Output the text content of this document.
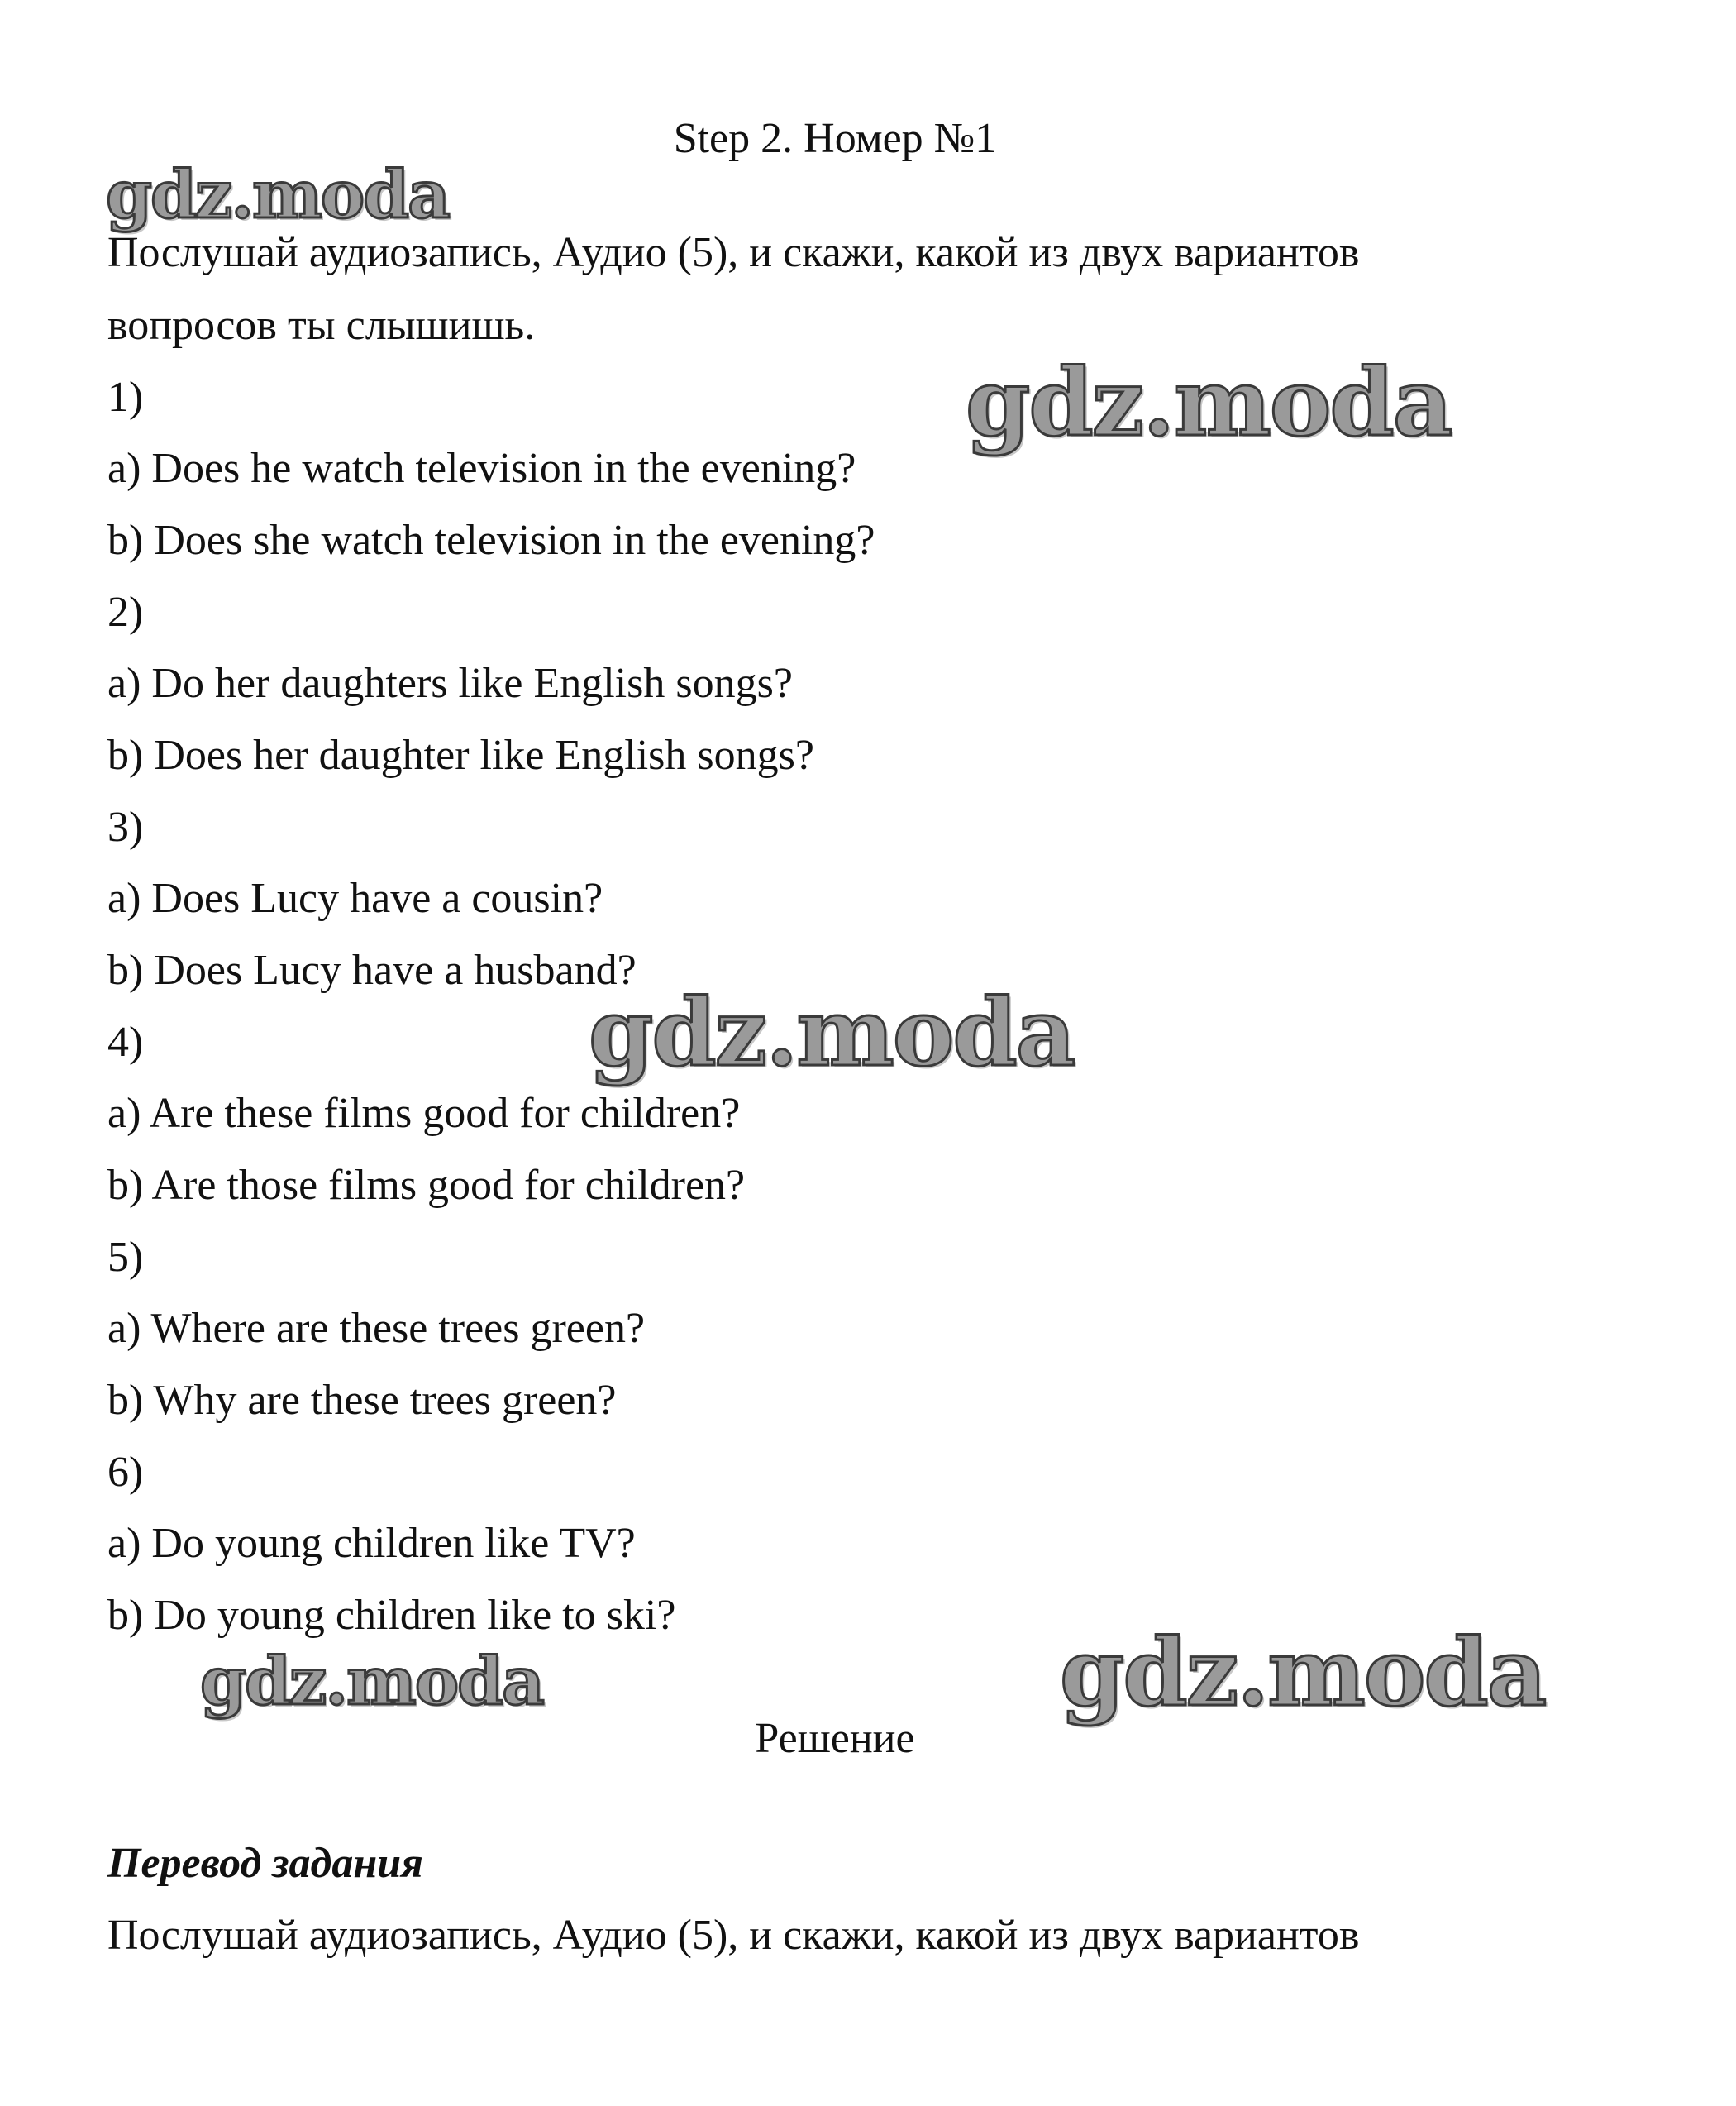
Step 2. Номер №1
Послушай аудиозапись, Аудио (5), и скажи, какой из двух вариантов
вопросов ты слышишь.
1)
a) Does he watch television in the evening?
b) Does she watch television in the evening?
2)
a) Do her daughters like English songs?
b) Does her daughter like English songs?
3)
a) Does Lucy have a cousin?
b) Does Lucy have a husband?
4)
a) Are these films good for children?
b) Are those films good for children?
5)
a) Where are these trees green?
b) Why are these trees green?
6)
a) Do young children like TV?
b) Do young children like to ski?
Решение
Перевод задания
Послушай аудиозапись, Аудио (5), и скажи, какой из двух вариантов
gdz.moda
gdz.moda
gdz.moda
gdz.moda	gdz.moda
